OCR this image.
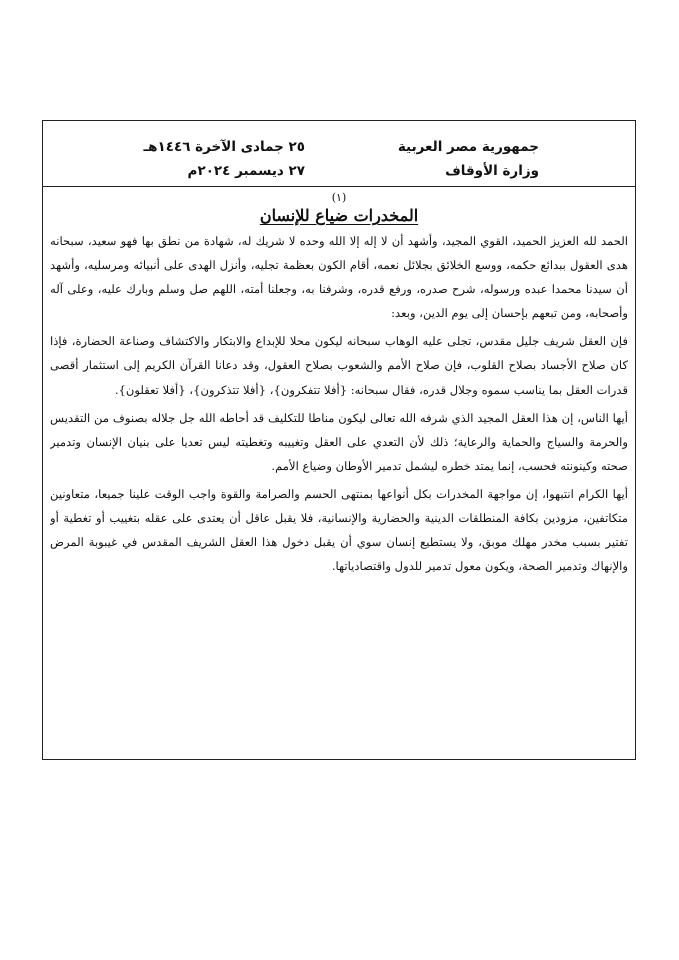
جمهورية مصر العربية
وزارة الأوقاف
٢٥ جمادى الآخرة ١٤٤٦هـ
٢٧ ديسمبر ٢٠٢٤م

(١)

المخدرات ضياع للإنسان

الحمد لله العزيز الحميد، القوي المجيد، وأشهد أن لا إله إلا الله وحده لا شريك له، شهادة من نطق بها فهو سعيد، سبحانه هدى العقول ببدائع حكمه، ووسع الخلائق بجلائل نعمه، أقام الكون بعظمة تجليه، وأنزل الهدى على أنبيائه ومرسليه، وأشهد أن سيدنا محمدا عبده ورسوله، شرح صدره، ورفع قدره، وشرفنا به، وجعلنا أمته، اللهم صل وسلم وبارك عليه، وعلى آله وأصحابه، ومن تبعهم بإحسان إلى يوم الدين، وبعد:

فإن العقل شريف جليل مقدس، تجلى عليه الوهاب سبحانه ليكون محلا للإبداع والابتكار والاكتشاف وصناعة الحضارة، فإذا كان صلاح الأجساد بصلاح القلوب، فإن صلاح الأمم والشعوب بصلاح العقول، وقد دعانا القرآن الكريم إلى استثمار أقصى قدرات العقل بما يناسب سموه وجلال قدره، فقال سبحانه: {أفلا تتفكرون}، {أفلا تتذكرون}، {أفلا تعقلون}.

أيها الناس، إن هذا العقل المجيد الذي شرفه الله تعالى ليكون مناطا للتكليف قد أحاطه الله جل جلاله بصنوف من التقديس والحرمة والسياج والحماية والرعاية؛ ذلك لأن التعدي على العقل وتغييبه وتغطيته ليس تعديا على بنيان الإنسان وتدمير صحته وكينونته فحسب، إنما يمتد خطره ليشمل تدمير الأوطان وضياع الأمم.

أيها الكرام انتبهوا، إن مواجهة المخدرات بكل أنواعها بمنتهى الحسم والصرامة والقوة واجب الوقت علينا جميعا، متعاونين متكاتفين، مزودين بكافة المنطلقات الدينية والحضارية والإنسانية، فلا يقبل عاقل أن يعتدى على عقله بتغييب أو تغطية أو تفتير بسبب مخدر مهلك موبق، ولا يستطيع إنسان سوي أن يقبل دخول هذا العقل الشريف المقدس في غيبوبة المرض والإنهاك وتدمير الصحة، ويكون معول تدمير للدول واقتصادياتها.
